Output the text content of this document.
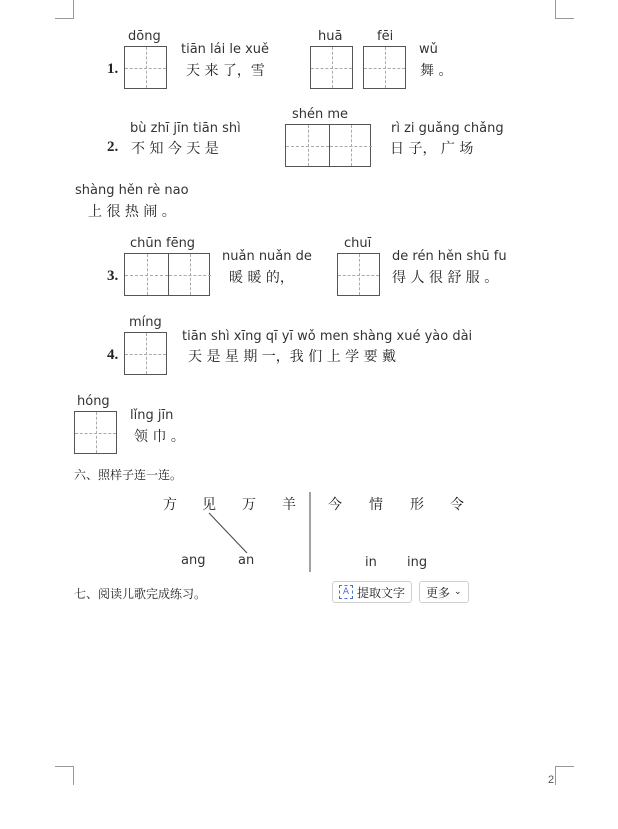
dōng
tiān lái le xuě
huā	fēi
wǔ
1.	天 来 了，雪	舞 。
shén me
bù zhī jīn tiān shì	rì zi guǎng chǎng
2. 不 知 今 天 是	日 子， 广 场
shàng hěn rè nao
上 很 热 闹 。
chūn fēng
nuǎn nuǎn de
chuī
de rén hěn shū fu
3.	暖 暖 的，	得 人 很 舒 服 。
míng
tiān shì xīng qī yī wǒ men shàng xué yào dài
4.	天 是 星 期 一，我 们 上 学 要 戴
hóng
lǐng jīn
领 巾 。
六、照样子连一连。
方 见 万 羊 今 情 形 令
ang	an	in ing
七、阅读儿歌完成练习。	A 提取文字 更多 ⌄
2
